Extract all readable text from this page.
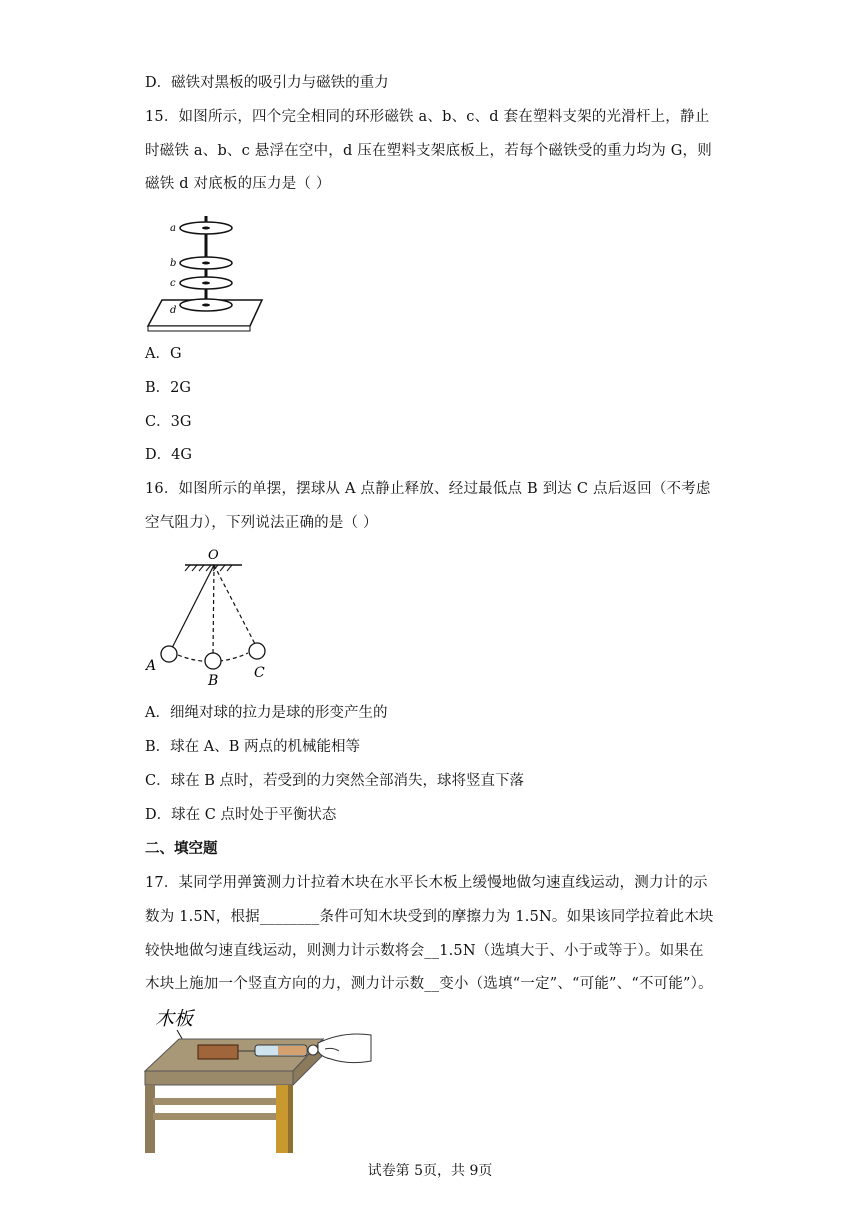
D．磁铁对黑板的吸引力与磁铁的重力
15．如图所示，四个完全相同的环形磁铁 a、b、c、d 套在塑料支架的光滑杆上，静止
时磁铁 a、b、c 悬浮在空中，d 压在塑料支架底板上，若每个磁铁受的重力均为 G，则
磁铁 d 对底板的压力是（ ）
a
b
c
d
A．G
B．2G
C．3G
D．4G
16．如图所示的单摆，摆球从 A 点静止释放、经过最低点 B 到达 C 点后返回（不考虑
空气阻力），下列说法正确的是（ ）
O
A
B	C
A．细绳对球的拉力是球的形变产生的
B．球在 A、B 两点的机械能相等
C．球在 B 点时，若受到的力突然全部消失，球将竖直下落
D．球在 C 点时处于平衡状态
二、填空题
17．某同学用弹簧测力计拉着木块在水平长木板上缓慢地做匀速直线运动，测力计的示
数为 1.5N，根据________条件可知木块受到的摩擦力为 1.5N。如果该同学拉着此木块
较快地做匀速直线运动，则测力计示数将会__1.5N（选填大于、小于或等于）。如果在
木块上施加一个竖直方向的力，测力计示数__变小（选填“一定”、“可能”、“不可能”）。
木板
试卷第 5页，共 9页
